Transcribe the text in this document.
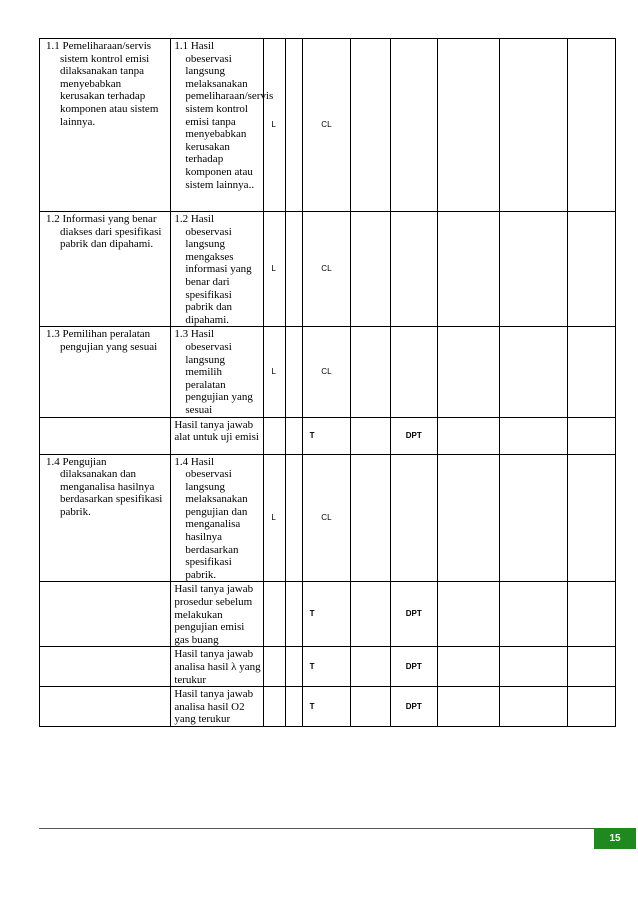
1.1 Pemeliharaan/servis sistem kontrol emisi dilaksanakan tanpa menyebabkan kerusakan terhadap komponen atau sistem lainnya.	1.1 Hasil obeservasi langsung melaksanakan pemeliharaan/servis sistem kontrol emisi tanpa menyebabkan kerusakan terhadap komponen atau sistem lainnya..	L		CL					

1.2 Informasi yang benar diakses dari spesifikasi pabrik dan dipahami.	1.2 Hasil obeservasi langsung mengakses informasi yang benar dari spesifikasi pabrik dan dipahami.	L		CL					

1.3 Pemilihan peralatan pengujian yang sesuai	1.3 Hasil obeservasi langsung memilih peralatan pengujian yang sesuai	L		CL					

	Hasil tanya jawab alat untuk uji emisi			T		DPT			

1.4 Pengujian dilaksanakan dan menganalisa hasilnya berdasarkan spesifikasi pabrik.	1.4 Hasil obeservasi langsung melaksanakan pengujian dan menganalisa hasilnya berdasarkan spesifikasi pabrik.	L		CL					

	Hasil tanya jawab prosedur sebelum melakukan pengujian emisi gas buang			T		DPT			

	Hasil tanya jawab analisa hasil λ yang terukur			T		DPT			

	Hasil tanya jawab analisa hasil O2 yang terukur			T		DPT			
15
